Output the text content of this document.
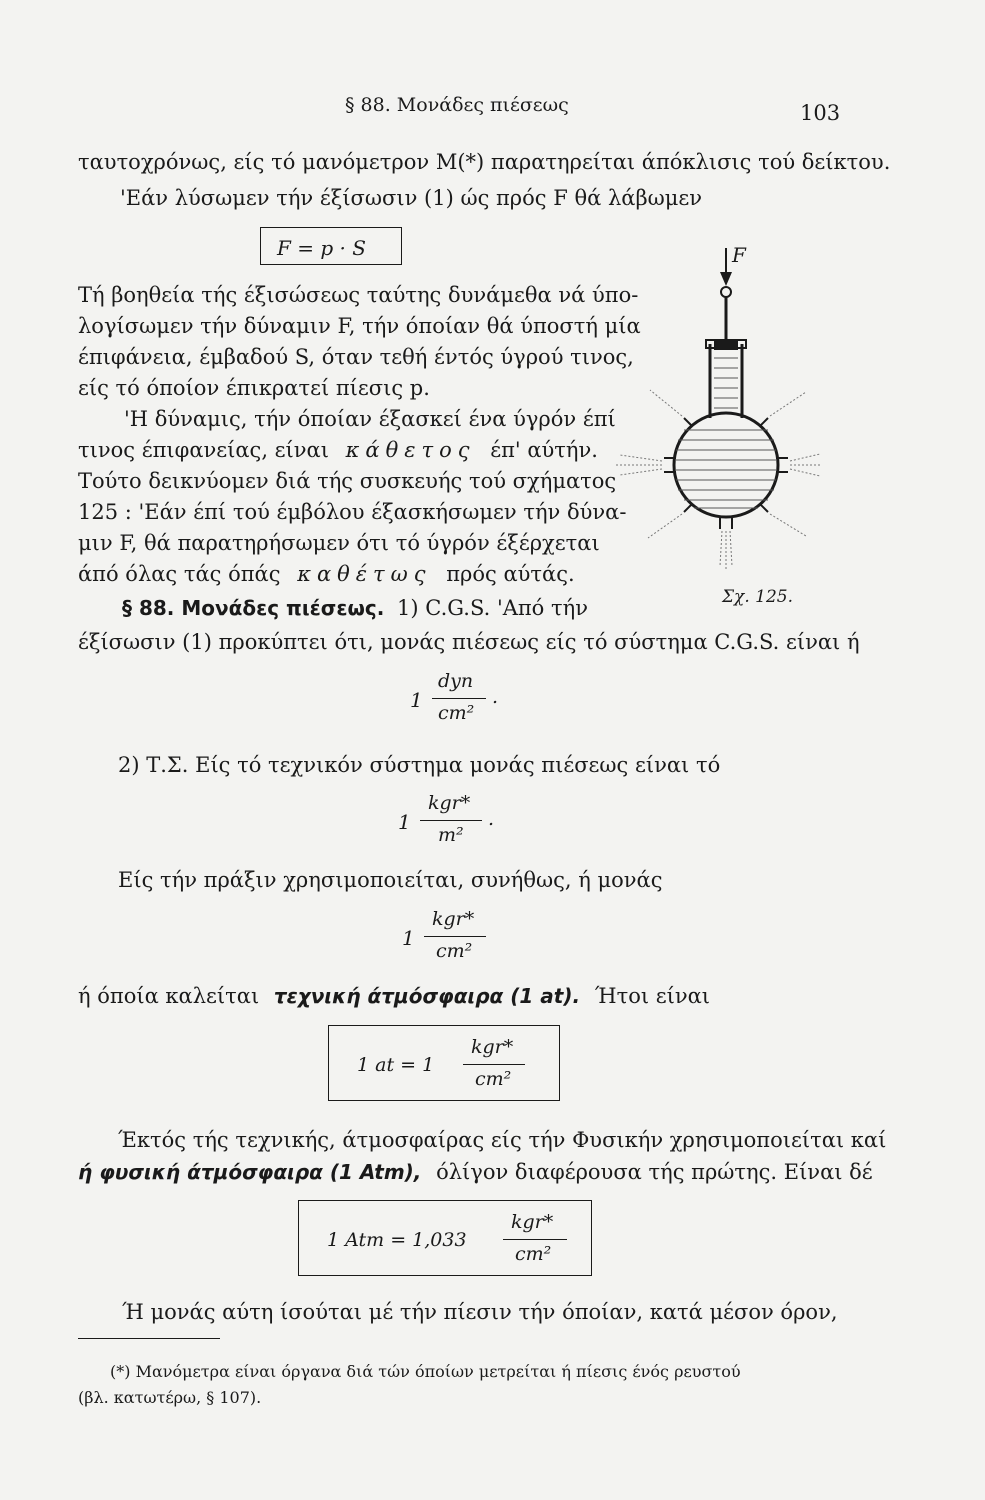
§ 88. Μονάδες πιέσεως	103
ταυτοχρόνως, είς τό μανόμετρον M(*) παρατηρείται άπόκλισις τού δείκτου.
'Εάν λύσωμεν τήν έξίσωσιν (1) ώς πρός F θά λάβωμεν
F = p · S
Τή βοηθεία τής έξισώσεως ταύτης δυνάμεθα νά ύπο-
λογίσωμεν τήν δύναμιν F, τήν όποίαν θά ύποστή μία
έπιφάνεια, έμβαδού S, όταν τεθή έντός ύγρού τινος,
είς τό όποίον έπικρατεί πίεσις p.
'Η δύναμις, τήν όποίαν έξασκεί ένα ύγρόν έπί
τινος έπιφανείας, είναι κάθετος έπ' αύτήν.
Τούτο δεικνύομεν διά τής συσκευής τού σχήματος
125 : 'Εάν έπί τού έμβόλου έξασκήσωμεν τήν δύνα-
μιν F, θά παρατηρήσωμεν ότι τό ύγρόν έξέρχεται
άπό όλας τάς όπάς καθέτως πρός αύτάς.
F
Σχ. 125.
§ 88. Μονάδες πιέσεως. 1) C.G.S. 'Από τήν
έξίσωσιν (1) προκύπτει ότι, μονάς πιέσεως είς τό σύστημα C.G.S. είναι ή
1
dyn
cm²
.
2) Τ.Σ. Είς τό τεχνικόν σύστημα μονάς πιέσεως είναι τό
1
kgr*
m²
.
Είς τήν πράξιν χρησιμοποιείται, συνήθως, ή μονάς
1
kgr*
cm²
ή όποία καλείται τεχνική άτμόσφαιρα (1 at). Ήτοι είναι
1 at = 1
kgr*
cm²
Έκτός τής τεχνικής, άτμοσφαίρας είς τήν Φυσικήν χρησιμοποιείται καί
ή φυσική άτμόσφαιρα (1 Atm), όλίγον διαφέρουσα τής πρώτης. Είναι δέ
1 Atm = 1,033
kgr*
cm²
Ή μονάς αύτη ίσούται μέ τήν πίεσιν τήν όποίαν, κατά μέσον όρον,
(*) Μανόμετρα είναι όργανα διά τών όποίων μετρείται ή πίεσις ένός ρευστού
(βλ. κατωτέρω, § 107).
